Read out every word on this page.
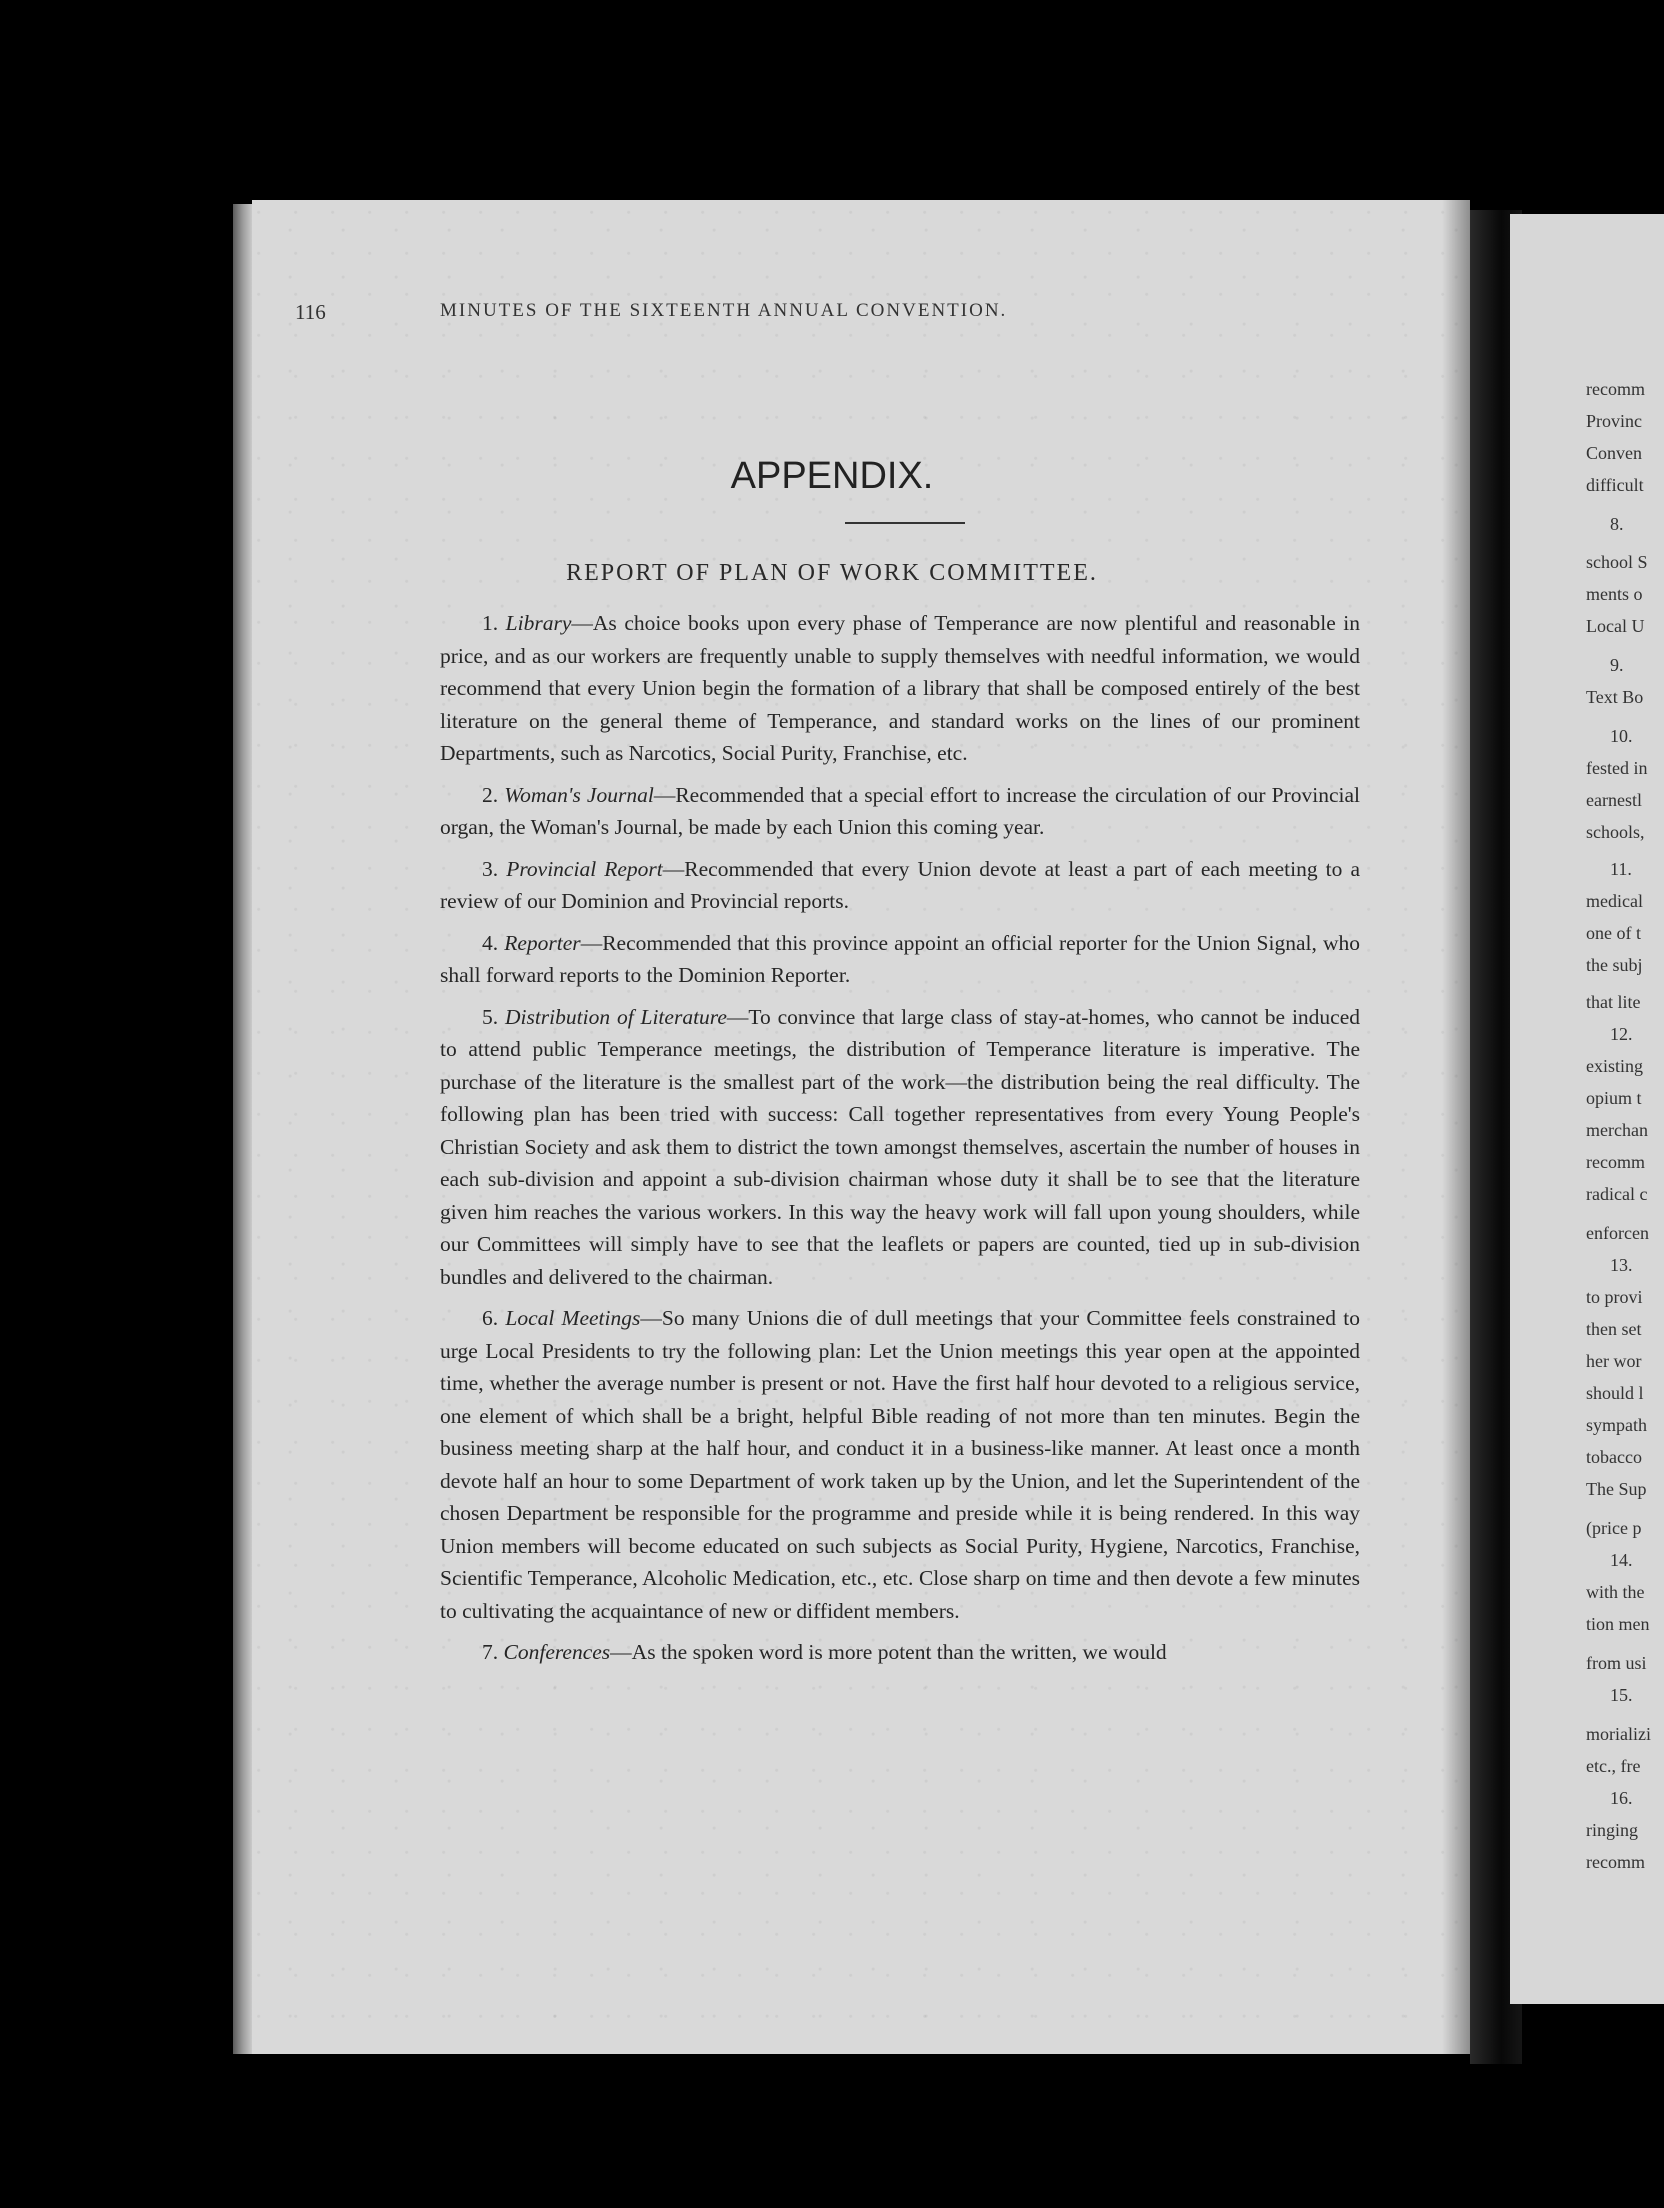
recomm
Provinc
Conven
difficult
8.
school S
ments o
Local U
9.
Text Bo
10.
fested in
earnestl
schools,
11.
medical
one of t
the subj
that lite
12.
existing
opium t
merchan
recomm
radical c
enforcen
13.
to provi
then set
her wor
should l
sympath
tobacco
The Sup
(price p
14.
with the
tion men
from usi
15.
morializi
etc., fre
16.
ringing
recomm
116	MINUTES OF THE SIXTEENTH ANNUAL CONVENTION.
APPENDIX.
REPORT OF PLAN OF WORK COMMITTEE.

1. Library—As choice books upon every phase of Temperance are now plentiful and reasonable in price, and as our workers are frequently unable to supply themselves with needful information, we would recommend that every Union begin the formation of a library that shall be composed entirely of the best literature on the general theme of Temperance, and standard works on the lines of our prominent Departments, such as Narcotics, Social Purity, Franchise, etc.

2. Woman's Journal—Recommended that a special effort to increase the circulation of our Provincial organ, the Woman's Journal, be made by each Union this coming year.

3. Provincial Report—Recommended that every Union devote at least a part of each meeting to a review of our Dominion and Provincial reports.

4. Reporter—Recommended that this province appoint an official reporter for the Union Signal, who shall forward reports to the Dominion Reporter.

5. Distribution of Literature—To convince that large class of stay-at-homes, who cannot be induced to attend public Temperance meetings, the distribution of Temperance literature is imperative. The purchase of the literature is the smallest part of the work—the distribution being the real difficulty. The following plan has been tried with success: Call together representatives from every Young People's Christian Society and ask them to district the town amongst themselves, ascertain the number of houses in each sub-division and appoint a sub-division chairman whose duty it shall be to see that the literature given him reaches the various workers. In this way the heavy work will fall upon young shoulders, while our Committees will simply have to see that the leaflets or papers are counted, tied up in sub-division bundles and delivered to the chairman.

6. Local Meetings—So many Unions die of dull meetings that your Committee feels constrained to urge Local Presidents to try the following plan: Let the Union meetings this year open at the appointed time, whether the average number is present or not. Have the first half hour devoted to a religious service, one element of which shall be a bright, helpful Bible reading of not more than ten minutes. Begin the business meeting sharp at the half hour, and conduct it in a business-like manner. At least once a month devote half an hour to some Department of work taken up by the Union, and let the Superintendent of the chosen Department be responsible for the programme and preside while it is being rendered. In this way Union members will become educated on such subjects as Social Purity, Hygiene, Narcotics, Franchise, Scientific Temperance, Alcoholic Medication, etc., etc. Close sharp on time and then devote a few minutes to cultivating the acquaintance of new or diffident members.

7. Conferences—As the spoken word is more potent than the written, we would
